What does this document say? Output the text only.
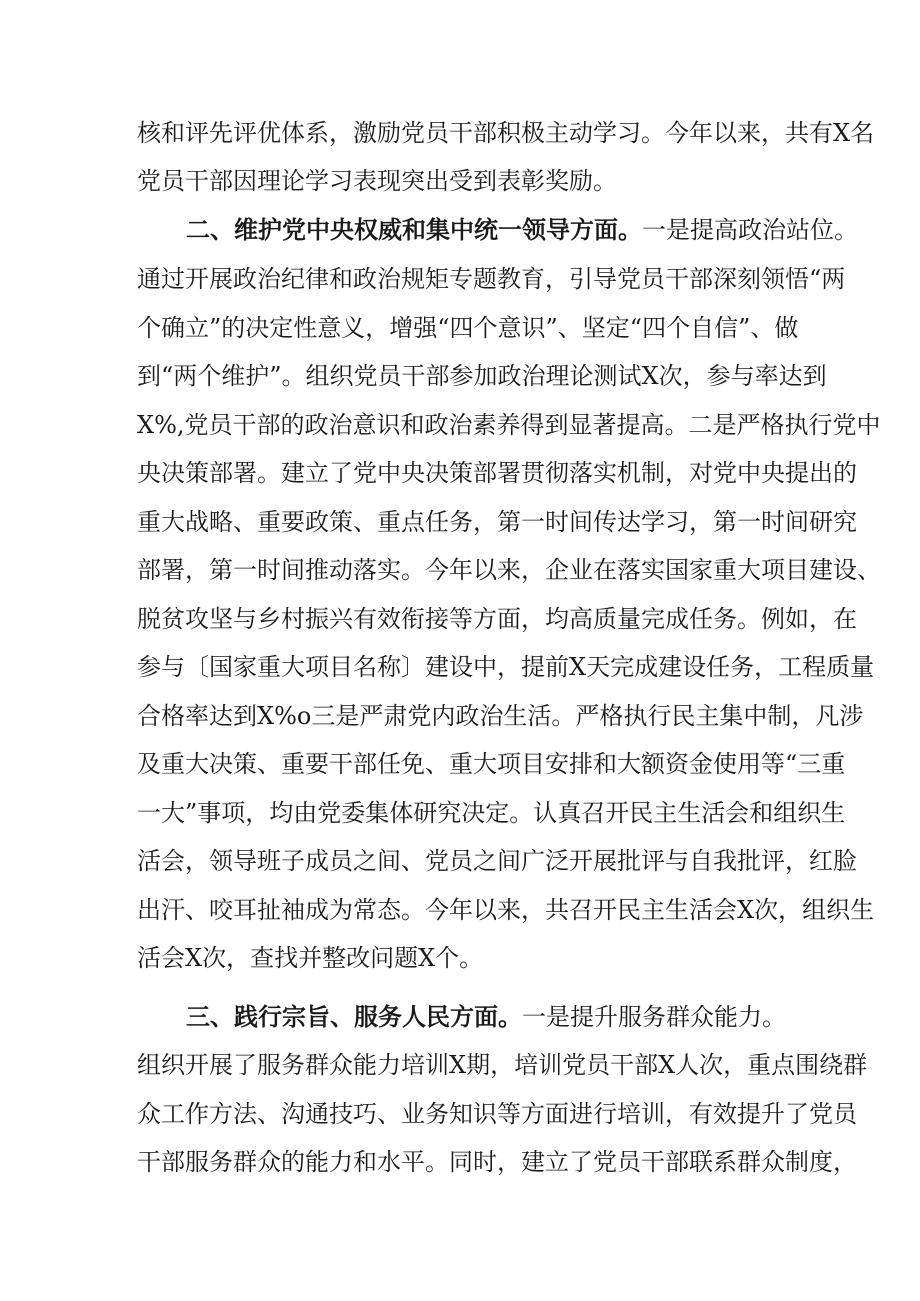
核和评先评优体系，激励党员干部积极主动学习。今年以来，共有X名
党员干部因理论学习表现突出受到表彰奖励。
二、维护党中央权威和集中统一领导方面。一是提高政治站位。
通过开展政治纪律和政治规矩专题教育，引导党员干部深刻领悟“两
个确立”的决定性意义，增强“四个意识”、坚定“四个自信”、做
到“两个维护”。组织党员干部参加政治理论测试X次，参与率达到
X%,党员干部的政治意识和政治素养得到显著提高。二是严格执行党中
央决策部署。建立了党中央决策部署贯彻落实机制，对党中央提出的
重大战略、重要政策、重点任务，第一时间传达学习，第一时间研究
部署，第一时间推动落实。今年以来，企业在落实国家重大项目建设、
脱贫攻坚与乡村振兴有效衔接等方面，均高质量完成任务。例如，在
参与〔国家重大项目名称〕建设中，提前X天完成建设任务，工程质量
合格率达到X%o三是严肃党内政治生活。严格执行民主集中制，凡涉
及重大决策、重要干部任免、重大项目安排和大额资金使用等“三重
一大”事项，均由党委集体研究决定。认真召开民主生活会和组织生
活会，领导班子成员之间、党员之间广泛开展批评与自我批评，红脸
出汗、咬耳扯袖成为常态。今年以来，共召开民主生活会X次，组织生
活会X次，查找并整改问题X个。
三、践行宗旨、服务人民方面。一是提升服务群众能力。
组织开展了服务群众能力培训X期，培训党员干部X人次，重点围绕群
众工作方法、沟通技巧、业务知识等方面进行培训，有效提升了党员
干部服务群众的能力和水平。同时，建立了党员干部联系群众制度，
